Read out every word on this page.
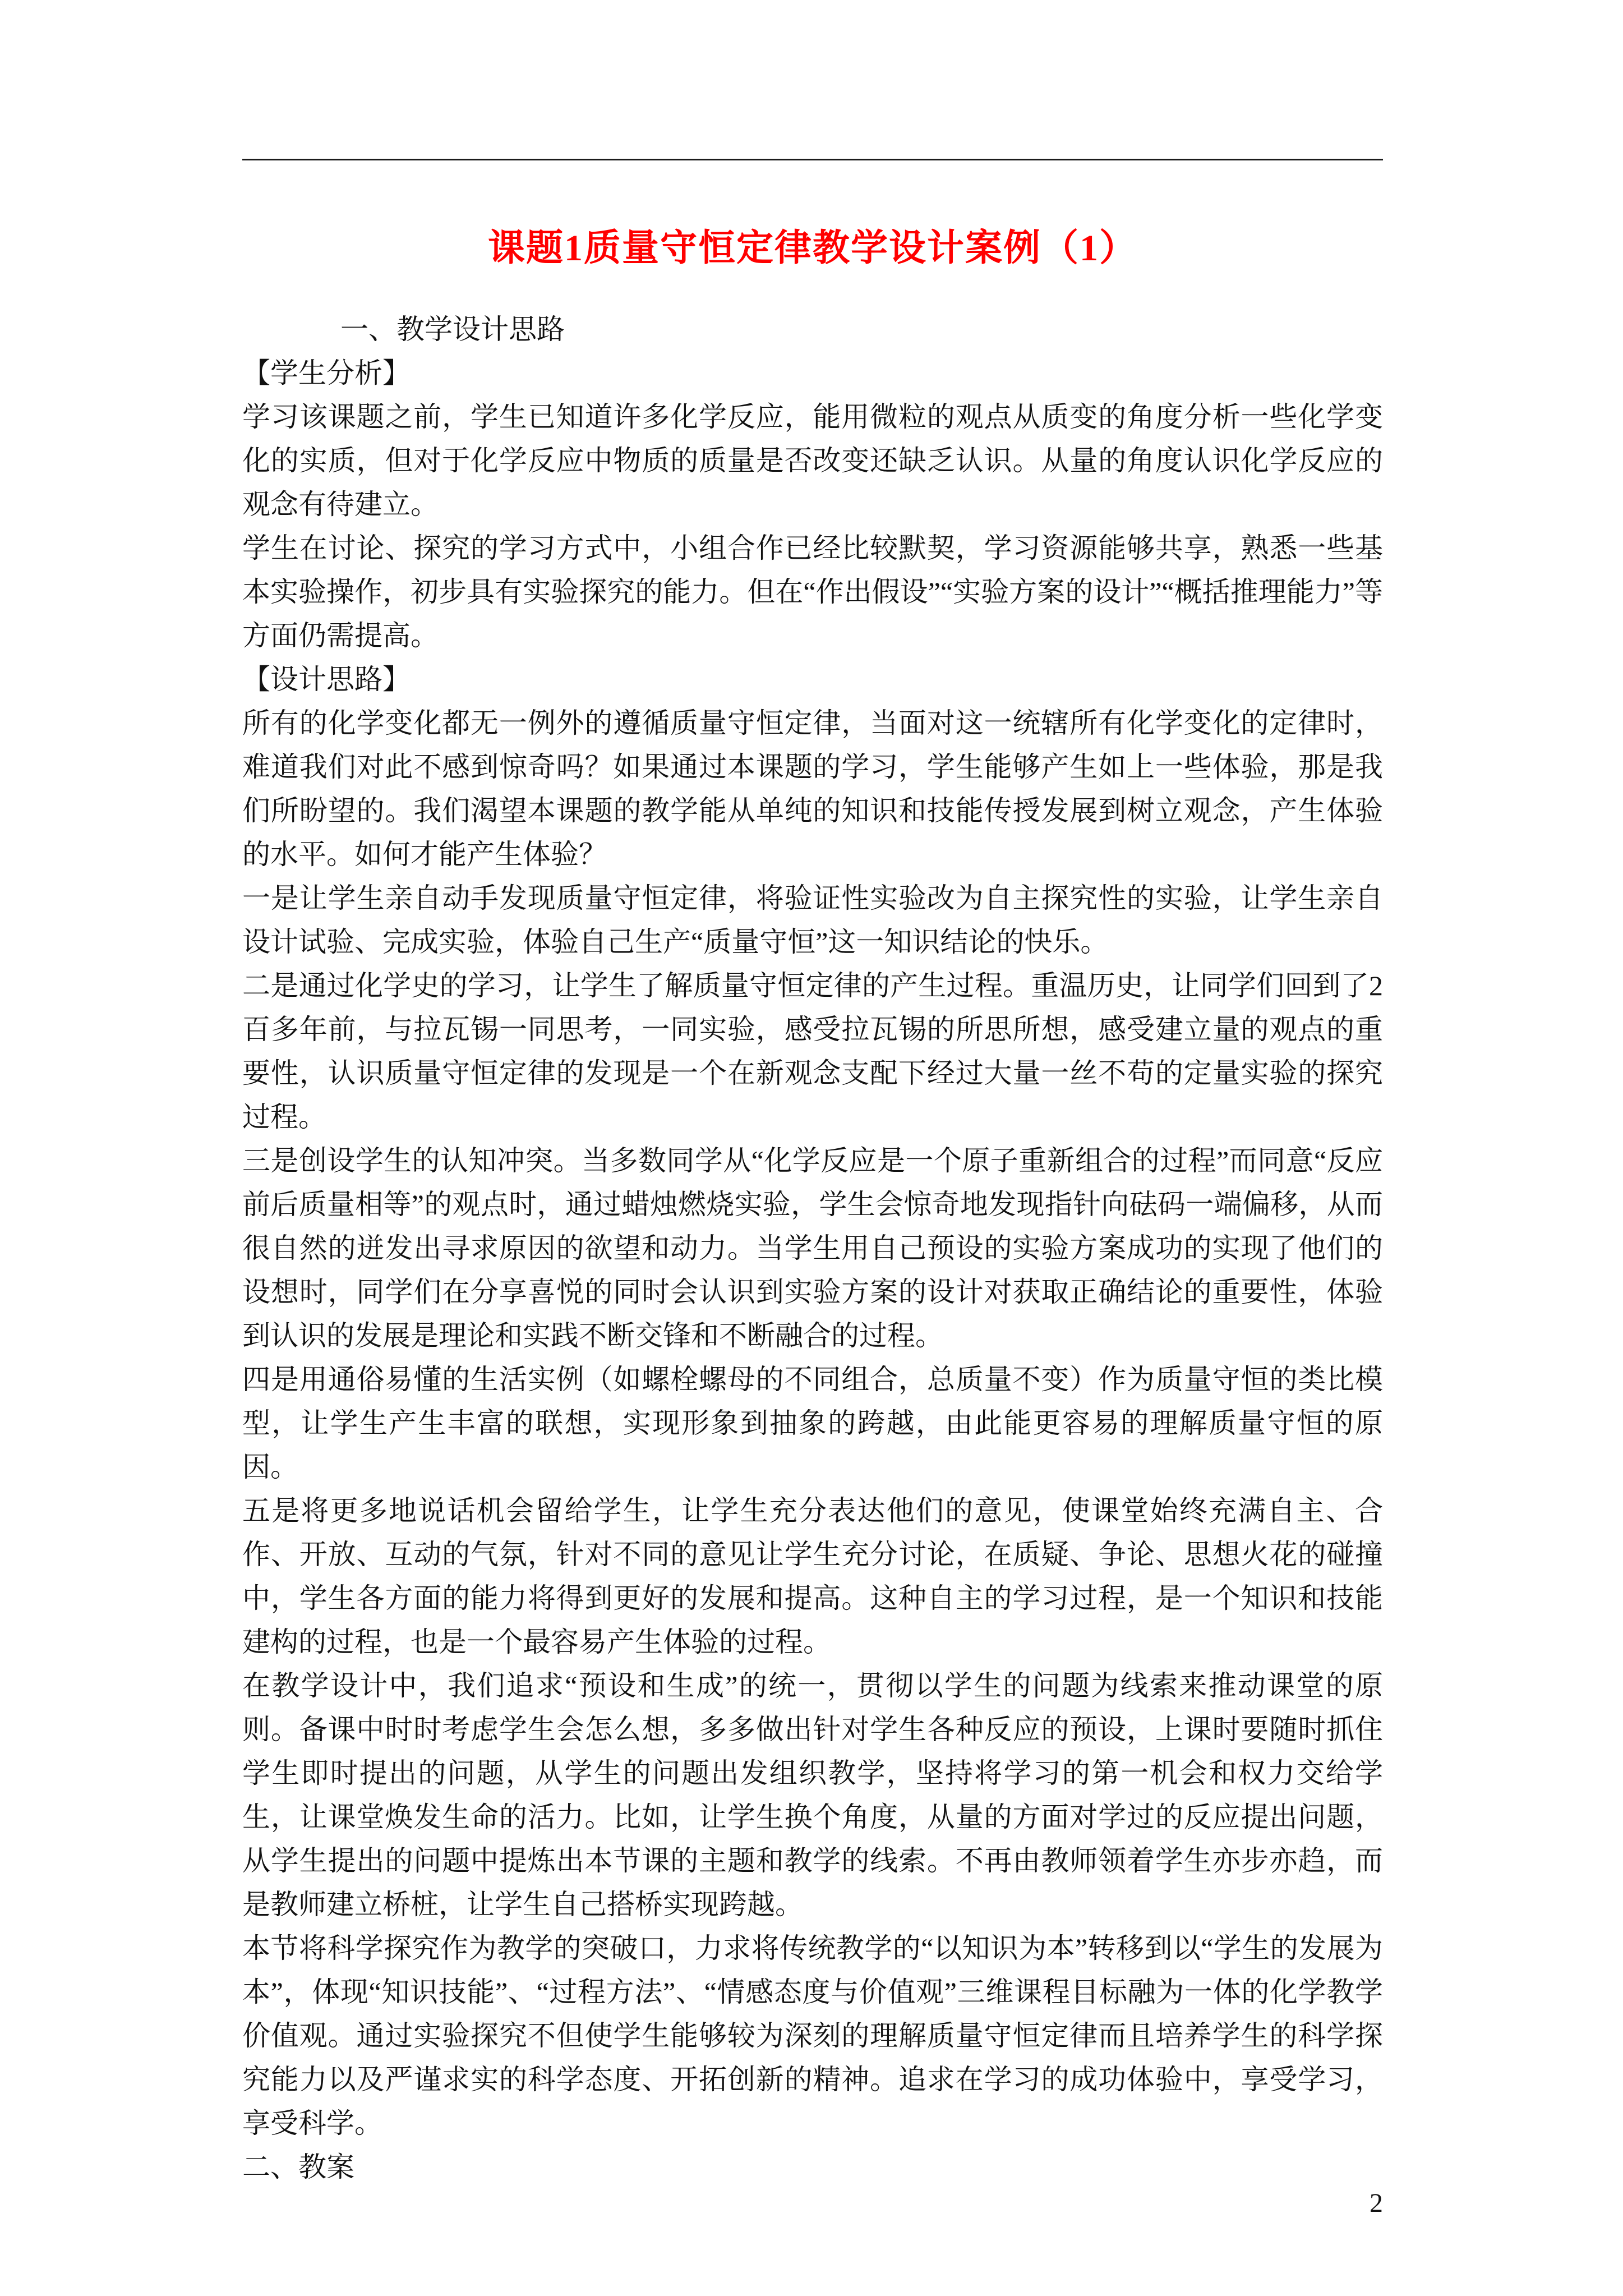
课题1质量守恒定律教学设计案例（1）

一、教学设计思路

【学生分析】

学习该课题之前，学生已知道许多化学反应，能用微粒的观点从质变的角度分析一些化学变化的实质，但对于化学反应中物质的质量是否改变还缺乏认识。从量的角度认识化学反应的观念有待建立。

学生在讨论、探究的学习方式中，小组合作已经比较默契，学习资源能够共享，熟悉一些基本实验操作，初步具有实验探究的能力。但在“作出假设”“实验方案的设计”“概括推理能力”等方面仍需提高。

【设计思路】

所有的化学变化都无一例外的遵循质量守恒定律，当面对这一统辖所有化学变化的定律时，难道我们对此不感到惊奇吗？如果通过本课题的学习，学生能够产生如上一些体验，那是我们所盼望的。我们渴望本课题的教学能从单纯的知识和技能传授发展到树立观念，产生体验的水平。如何才能产生体验？

一是让学生亲自动手发现质量守恒定律，将验证性实验改为自主探究性的实验，让学生亲自设计试验、完成实验，体验自己生产“质量守恒”这一知识结论的快乐。

二是通过化学史的学习，让学生了解质量守恒定律的产生过程。重温历史，让同学们回到了2百多年前，与拉瓦锡一同思考，一同实验，感受拉瓦锡的所思所想，感受建立量的观点的重要性，认识质量守恒定律的发现是一个在新观念支配下经过大量一丝不苟的定量实验的探究过程。

三是创设学生的认知冲突。当多数同学从“化学反应是一个原子重新组合的过程”而同意“反应前后质量相等”的观点时，通过蜡烛燃烧实验，学生会惊奇地发现指针向砝码一端偏移，从而很自然的迸发出寻求原因的欲望和动力。当学生用自己预设的实验方案成功的实现了他们的设想时，同学们在分享喜悦的同时会认识到实验方案的设计对获取正确结论的重要性，体验到认识的发展是理论和实践不断交锋和不断融合的过程。

四是用通俗易懂的生活实例（如螺栓螺母的不同组合，总质量不变）作为质量守恒的类比模型，让学生产生丰富的联想，实现形象到抽象的跨越，由此能更容易的理解质量守恒的原因。

五是将更多地说话机会留给学生，让学生充分表达他们的意见，使课堂始终充满自主、合作、开放、互动的气氛，针对不同的意见让学生充分讨论，在质疑、争论、思想火花的碰撞中，学生各方面的能力将得到更好的发展和提高。这种自主的学习过程，是一个知识和技能建构的过程，也是一个最容易产生体验的过程。

在教学设计中，我们追求“预设和生成”的统一，贯彻以学生的问题为线索来推动课堂的原则。备课中时时考虑学生会怎么想，多多做出针对学生各种反应的预设，上课时要随时抓住学生即时提出的问题，从学生的问题出发组织教学，坚持将学习的第一机会和权力交给学生，让课堂焕发生命的活力。比如，让学生换个角度，从量的方面对学过的反应提出问题，从学生提出的问题中提炼出本节课的主题和教学的线索。不再由教师领着学生亦步亦趋，而是教师建立桥桩，让学生自己搭桥实现跨越。

本节将科学探究作为教学的突破口，力求将传统教学的“以知识为本”转移到以“学生的发展为本”，体现“知识技能”、“过程方法”、“情感态度与价值观”三维课程目标融为一体的化学教学价值观。通过实验探究不但使学生能够较为深刻的理解质量守恒定律而且培养学生的科学探究能力以及严谨求实的科学态度、开拓创新的精神。追求在学习的成功体验中，享受学习，享受科学。

二、教案

2
